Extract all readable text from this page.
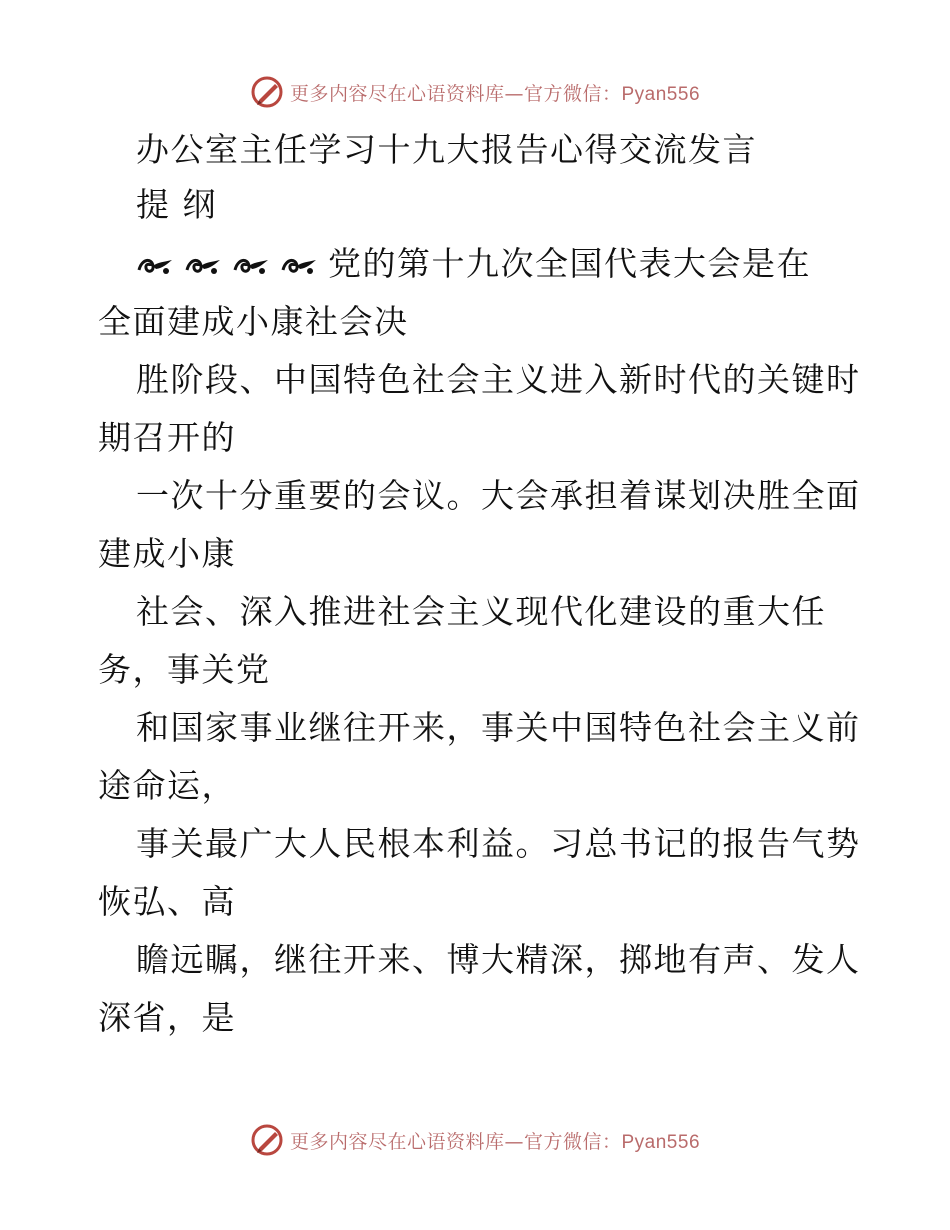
更多内容尽在心语资料库—官方微信：Pyan556
办公室主任学习十九大报告心得交流发言
提 纲
党的第十九次全国代表大会是在
全面建成小康社会决
胜阶段、中国特色社会主义进入新时代的关键时
期召开的
一次十分重要的会议。大会承担着谋划决胜全面
建成小康
社会、深入推进社会主义现代化建设的重大任
务，事关党
和国家事业继往开来，事关中国特色社会主义前
途命运，
事关最广大人民根本利益。习总书记的报告气势
恢弘、高
瞻远瞩，继往开来、博大精深，掷地有声、发人
深省，是
更多内容尽在心语资料库—官方微信：Pyan556
